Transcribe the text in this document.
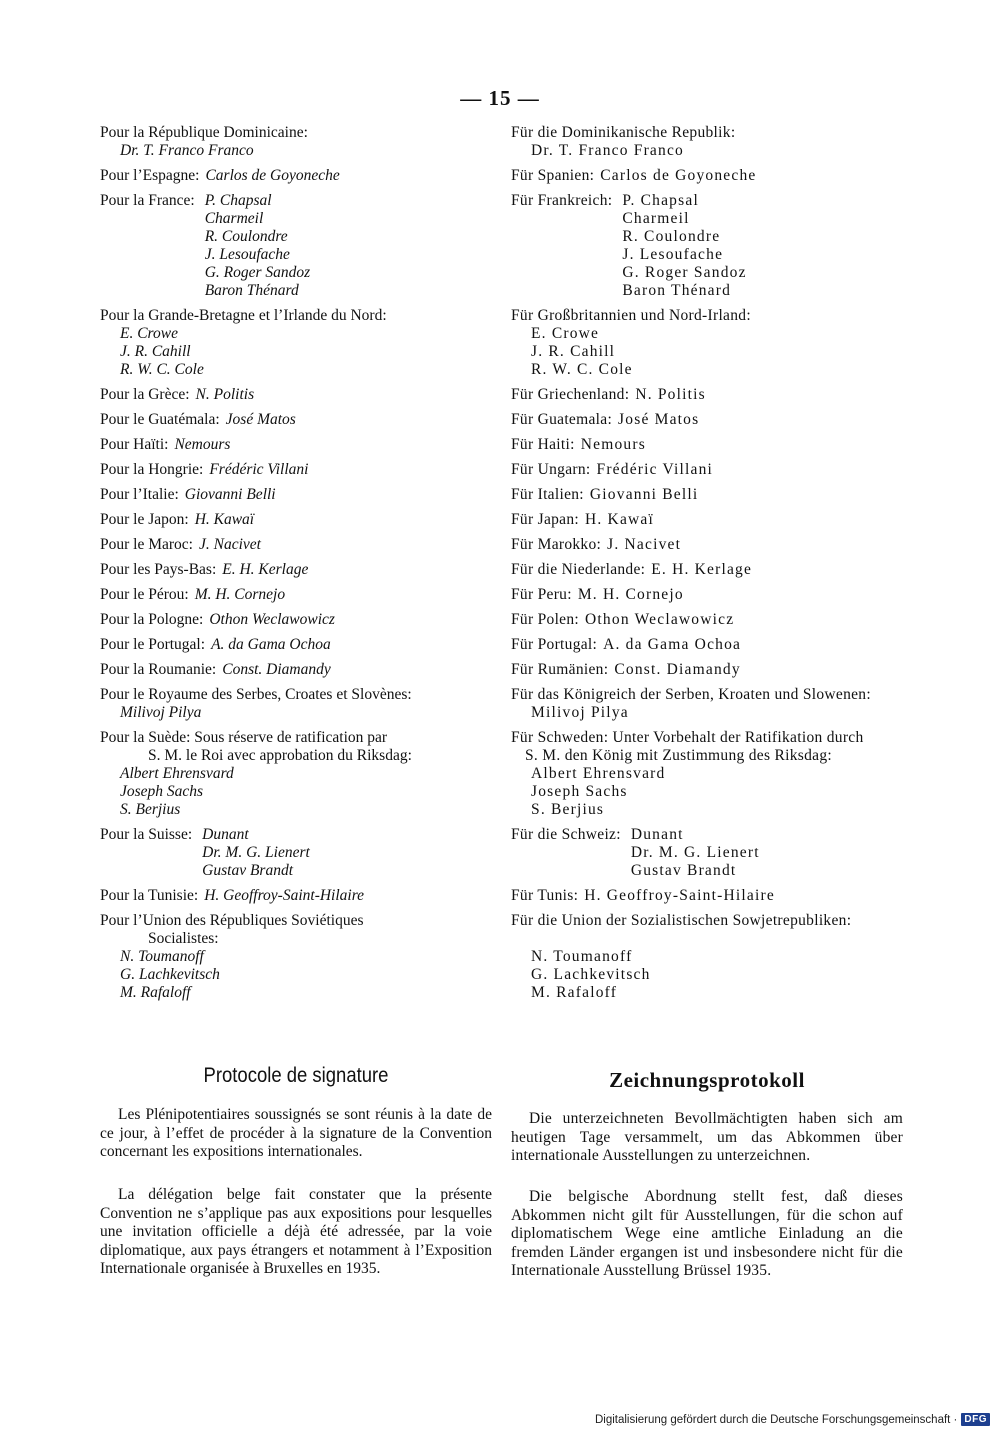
— 15 —
Pour la République Dominicaine:
Dr. T. Franco Franco
Pour l’Espagne: Carlos de Goyoneche
Pour la France: P. Chapsal
Charmeil
R. Coulondre
J. Lesoufache
G. Roger Sandoz
Baron Thénard
Pour la Grande-Bretagne et l’Irlande du Nord:
E. Crowe
J. R. Cahill
R. W. C. Cole
Pour la Grèce: N. Politis
Pour le Guatémala: José Matos
Pour Haïti: Nemours
Pour la Hongrie: Frédéric Villani
Pour l’Italie: Giovanni Belli
Pour le Japon: H. Kawaï
Pour le Maroc: J. Nacivet
Pour les Pays-Bas: E. H. Kerlage
Pour le Pérou: M. H. Cornejo
Pour la Pologne: Othon Weclawowicz
Pour le Portugal: A. da Gama Ochoa
Pour la Roumanie: Const. Diamandy
Pour le Royaume des Serbes, Croates et Slovènes:
Milivoj Pilya
Pour la Suède: Sous réserve de ratification par
S. M. le Roi avec approbation du Riksdag:
Albert Ehrensvard
Joseph Sachs
S. Berjius
Pour la Suisse: Dunant
Dr. M. G. Lienert
Gustav Brandt
Pour la Tunisie: H. Geoffroy-Saint-Hilaire
Pour l’Union des Républiques Soviétiques
Socialistes:
N. Toumanoff
G. Lachkevitsch
M. Rafaloff
Für die Dominikanische Republik:
Dr. T. Franco Franco
Für Spanien: Carlos de Goyoneche
Für Frankreich: P. Chapsal
Charmeil
R. Coulondre
J. Lesoufache
G. Roger Sandoz
Baron Thénard
Für Großbritannien und Nord-Irland:
E. Crowe
J. R. Cahill
R. W. C. Cole
Für Griechenland: N. Politis
Für Guatemala: José Matos
Für Haiti: Nemours
Für Ungarn: Frédéric Villani
Für Italien: Giovanni Belli
Für Japan: H. Kawaï
Für Marokko: J. Nacivet
Für die Niederlande: E. H. Kerlage
Für Peru: M. H. Cornejo
Für Polen: Othon Weclawowicz
Für Portugal: A. da Gama Ochoa
Für Rumänien: Const. Diamandy
Für das Königreich der Serben, Kroaten und Slowenen:
Milivoj Pilya
Für Schweden: Unter Vorbehalt der Ratifikation durch
S. M. den König mit Zustimmung des Riksdag:
Albert Ehrensvard
Joseph Sachs
S. Berjius
Für die Schweiz: Dunant
Dr. M. G. Lienert
Gustav Brandt
Für Tunis: H. Geoffroy-Saint-Hilaire
Für die Union der Sozialistischen Sowjetrepubliken:
N. Toumanoff
G. Lachkevitsch
M. Rafaloff
Protocole de signature	Zeichnungsprotokoll
Les Plénipotentiaires soussignés se sont réunis à la date de ce jour, à l’effet de procéder à la signature de la Convention concernant les expositions internationales.
La délégation belge fait constater que la présente Convention ne s’applique pas aux expositions pour lesquelles une invitation officielle a déjà été adressée, par la voie diplomatique, aux pays étrangers et notamment à l’Exposition Internationale organisée à Bruxelles en 1935.
Die unterzeichneten Bevollmächtigten haben sich am heutigen Tage versammelt, um das Abkommen über internationale Ausstellungen zu unterzeichnen.
Die belgische Abordnung stellt fest, daß dieses Abkommen nicht gilt für Ausstellungen, für die schon auf diplomatischem Wege eine amtliche Einladung an die fremden Länder ergangen ist und insbesondere nicht für die Internationale Ausstellung Brüssel 1935.
Digitalisierung gefördert durch die Deutsche Forschungsgemeinschaft · DFG
